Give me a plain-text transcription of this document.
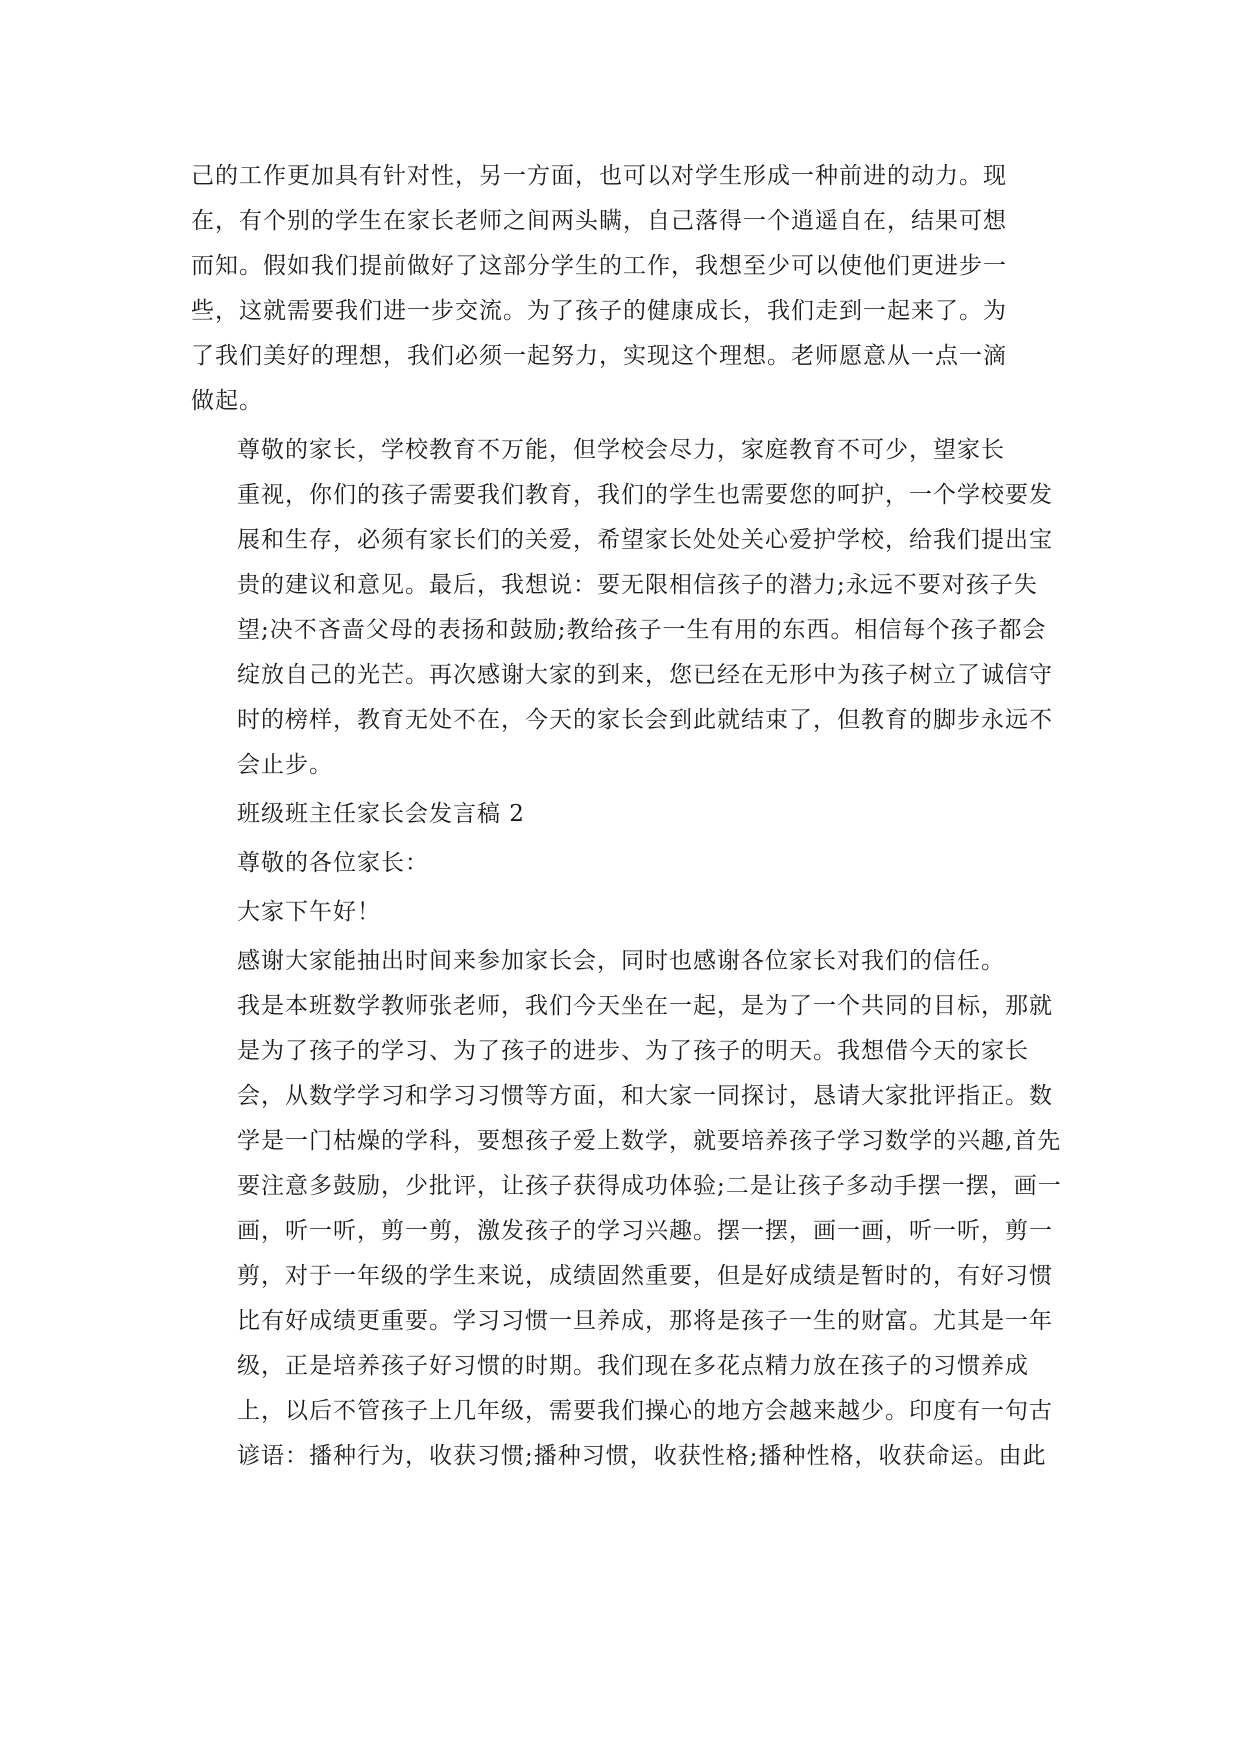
己的工作更加具有针对性，另一方面，也可以对学生形成一种前进的动力。现
在，有个别的学生在家长老师之间两头瞒，自己落得一个逍遥自在，结果可想
而知。假如我们提前做好了这部分学生的工作，我想至少可以使他们更进步一
些，这就需要我们进一步交流。为了孩子的健康成长，我们走到一起来了。为
了我们美好的理想，我们必须一起努力，实现这个理想。老师愿意从一点一滴
做起。

尊敬的家长，学校教育不万能，但学校会尽力，家庭教育不可少，望家长
重视，你们的孩子需要我们教育，我们的学生也需要您的呵护，一个学校要发
展和生存，必须有家长们的关爱，希望家长处处关心爱护学校，给我们提出宝
贵的建议和意见。最后，我想说：要无限相信孩子的潜力;永远不要对孩子失
望;决不吝啬父母的表扬和鼓励;教给孩子一生有用的东西。相信每个孩子都会
绽放自己的光芒。再次感谢大家的到来，您已经在无形中为孩子树立了诚信守
时的榜样，教育无处不在，今天的家长会到此就结束了，但教育的脚步永远不
会止步。

班级班主任家长会发言稿 2

尊敬的各位家长：

大家下午好！

感谢大家能抽出时间来参加家长会，同时也感谢各位家长对我们的信任。
我是本班数学教师张老师，我们今天坐在一起，是为了一个共同的目标，那就
是为了孩子的学习、为了孩子的进步、为了孩子的明天。我想借今天的家长
会，从数学学习和学习习惯等方面，和大家一同探讨，恳请大家批评指正。数
学是一门枯燥的学科，要想孩子爱上数学，就要培养孩子学习数学的兴趣,首先
要注意多鼓励，少批评，让孩子获得成功体验;二是让孩子多动手摆一摆，画一
画，听一听，剪一剪，激发孩子的学习兴趣。摆一摆，画一画，听一听，剪一
剪，对于一年级的学生来说，成绩固然重要，但是好成绩是暂时的，有好习惯
比有好成绩更重要。学习习惯一旦养成，那将是孩子一生的财富。尤其是一年
级，正是培养孩子好习惯的时期。我们现在多花点精力放在孩子的习惯养成
上，以后不管孩子上几年级，需要我们操心的地方会越来越少。印度有一句古
谚语：播种行为，收获习惯;播种习惯，收获性格;播种性格，收获命运。由此
